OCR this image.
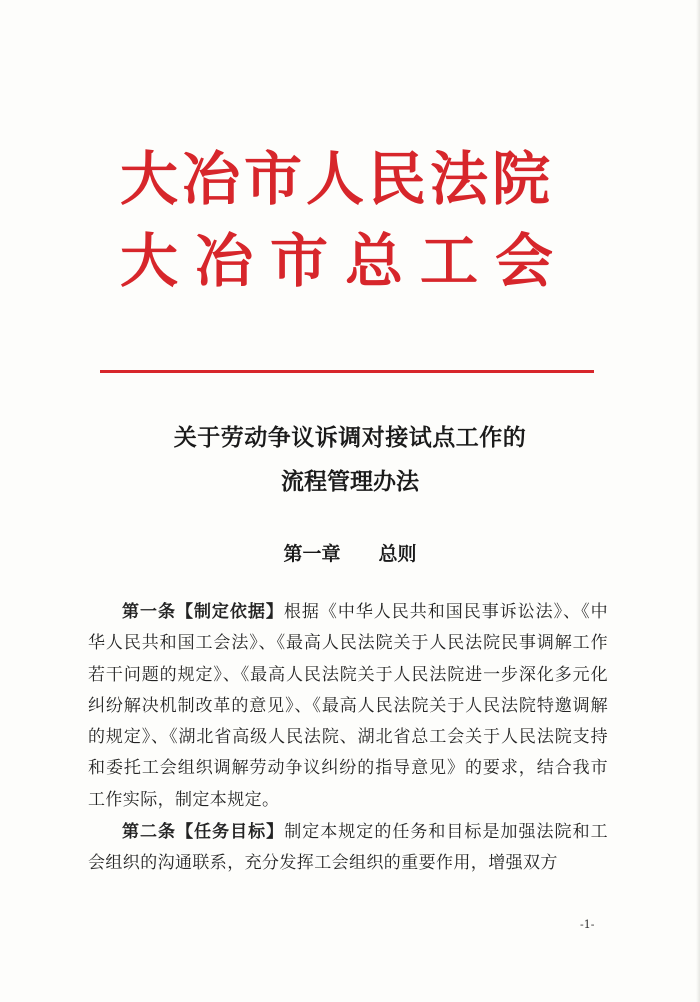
大冶市人民法院
大冶市总工会
关于劳动争议诉调对接试点工作的
流程管理办法
第一章 总则

第一条【制定依据】根据《中华人民共和国民事诉讼法》、《中华人民共和国工会法》、《最高人民法院关于人民法院民事调解工作若干问题的规定》、《最高人民法院关于人民法院进一步深化多元化纠纷解决机制改革的意见》、《最高人民法院关于人民法院特邀调解的规定》、《湖北省高级人民法院、湖北省总工会关于人民法院支持和委托工会组织调解劳动争议纠纷的指导意见》的要求，结合我市工作实际，制定本规定。

第二条【任务目标】制定本规定的任务和目标是加强法院和工会组织的沟通联系，充分发挥工会组织的重要作用，增强双方

-1-
